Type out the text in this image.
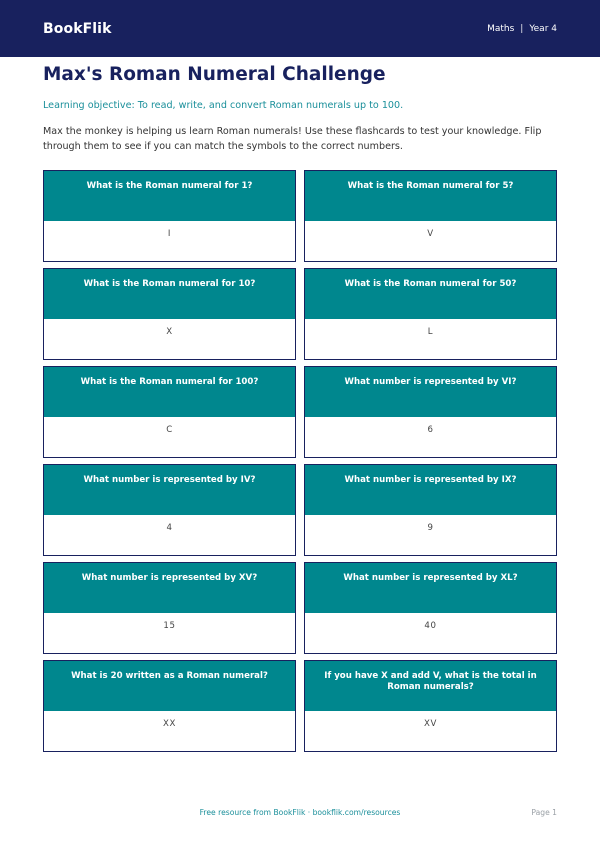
BookFlik	Maths | Year 4
Max's Roman Numeral Challenge

Learning objective: To read, write, and convert Roman numerals up to 100.

Max the monkey is helping us learn Roman numerals! Use these flashcards to test your knowledge. Flip through them to see if you can match the symbols to the correct numbers.

What is the Roman numeral for 1?
I
What is the Roman numeral for 5?
V
What is the Roman numeral for 10?
X
What is the Roman numeral for 50?
L
What is the Roman numeral for 100?
C
What number is represented by VI?
6
What number is represented by IV?
4
What number is represented by IX?
9
What number is represented by XV?
15
What number is represented by XL?
40
What is 20 written as a Roman numeral?
XX
If you have X and add V, what is the total in Roman numerals?
XV
Free resource from BookFlik · bookflik.com/resources	Page 1
